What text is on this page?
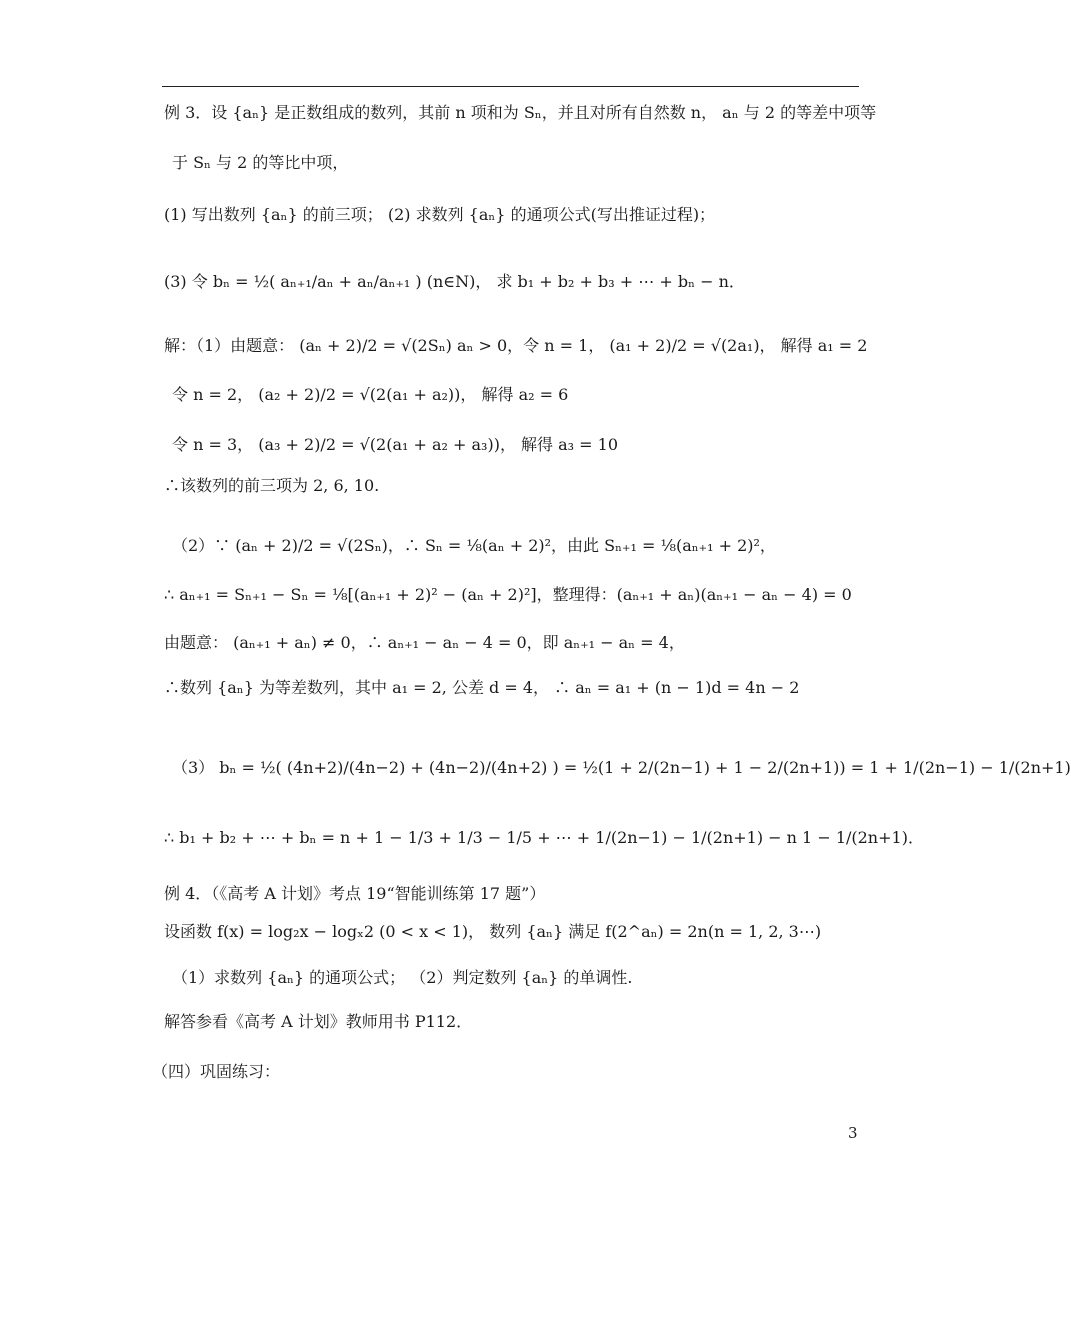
例 3．设 {aₙ} 是正数组成的数列，其前 n 项和为 Sₙ，并且对所有自然数 n， aₙ 与 2 的等差中项等
于 Sₙ 与 2 的等比中项，
(1) 写出数列 {aₙ} 的前三项； (2) 求数列 {aₙ} 的通项公式(写出推证过程)；
(3) 令 bₙ = ½( aₙ₊₁/aₙ + aₙ/aₙ₊₁ ) (n∈N)， 求 b₁ + b₂ + b₃ + ⋯ + bₙ − n．
解：（1）由题意： (aₙ + 2)/2 = √(2Sₙ) aₙ > 0，令 n = 1， (a₁ + 2)/2 = √(2a₁)， 解得 a₁ = 2
令 n = 2， (a₂ + 2)/2 = √(2(a₁ + a₂))， 解得 a₂ = 6
令 n = 3， (a₃ + 2)/2 = √(2(a₁ + a₂ + a₃))， 解得 a₃ = 10
∴该数列的前三项为 2, 6, 10.
（2）∵ (aₙ + 2)/2 = √(2Sₙ)，∴ Sₙ = ⅛(aₙ + 2)²，由此 Sₙ₊₁ = ⅛(aₙ₊₁ + 2)²，
∴ aₙ₊₁ = Sₙ₊₁ − Sₙ = ⅛[(aₙ₊₁ + 2)² − (aₙ + 2)²]，整理得：(aₙ₊₁ + aₙ)(aₙ₊₁ − aₙ − 4) = 0
由题意： (aₙ₊₁ + aₙ) ≠ 0，∴ aₙ₊₁ − aₙ − 4 = 0，即 aₙ₊₁ − aₙ = 4，
∴数列 {aₙ} 为等差数列，其中 a₁ = 2, 公差 d = 4， ∴ aₙ = a₁ + (n − 1)d = 4n − 2
（3） bₙ = ½( (4n+2)/(4n−2) + (4n−2)/(4n+2) ) = ½(1 + 2/(2n−1) + 1 − 2/(2n+1)) = 1 + 1/(2n−1) − 1/(2n+1)
∴ b₁ + b₂ + ⋯ + bₙ = n + 1 − 1/3 + 1/3 − 1/5 + ⋯ + 1/(2n−1) − 1/(2n+1) − n 1 − 1/(2n+1)．
例 4．（《高考 A 计划》考点 19“智能训练第 17 题”）
设函数 f(x) = log₂x − logₓ2 (0 < x < 1)， 数列 {aₙ} 满足 f(2^aₙ) = 2n(n = 1, 2, 3⋯)
（1）求数列 {aₙ} 的通项公式； （2）判定数列 {aₙ} 的单调性.
解答参看《高考 A 计划》教师用书 P112．
（四）巩固练习：
3
